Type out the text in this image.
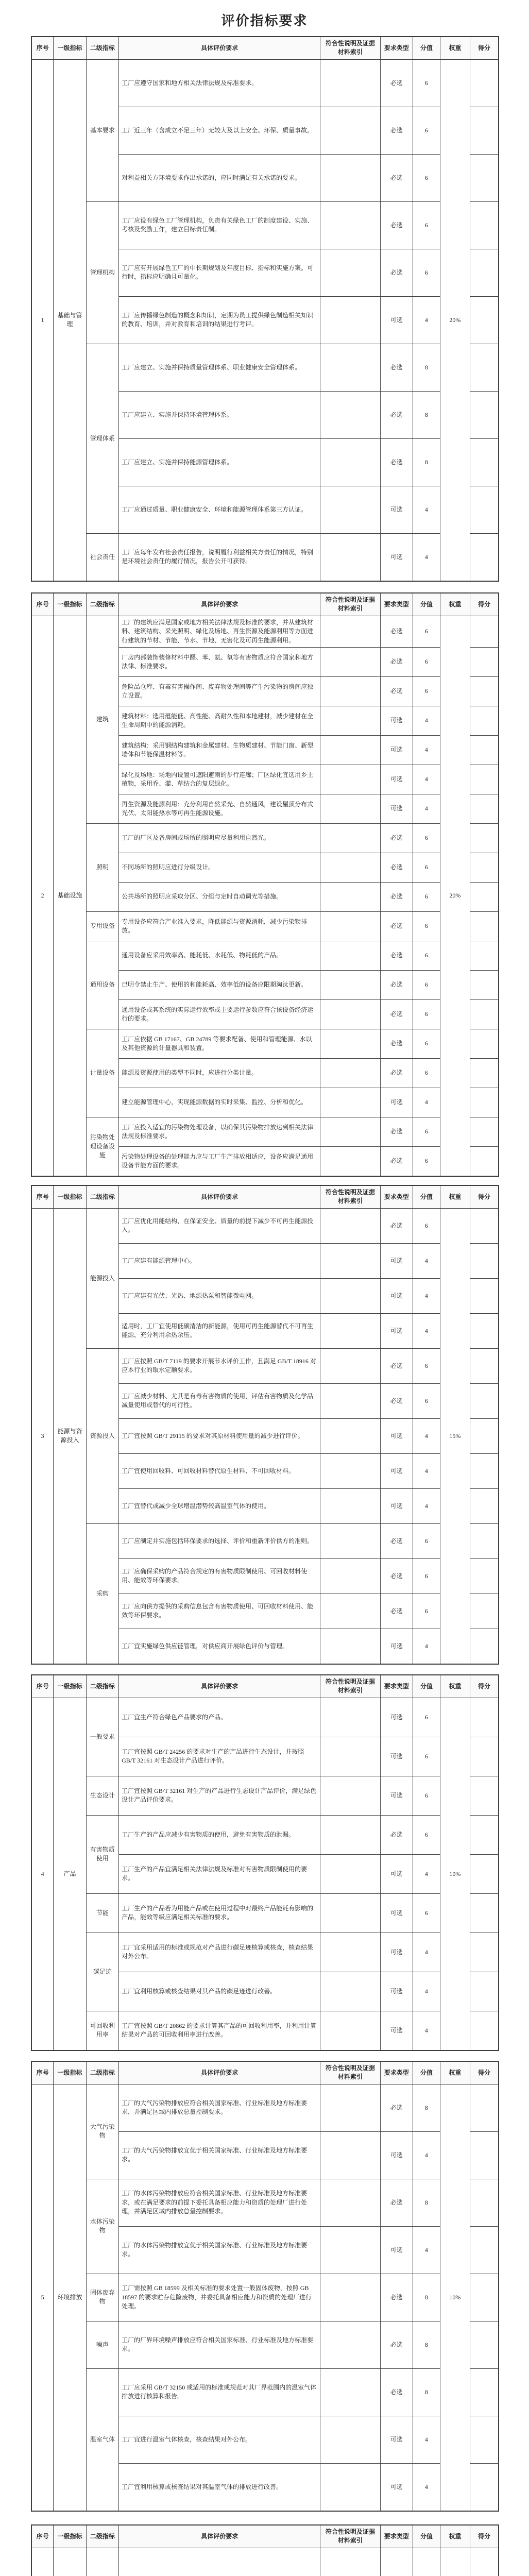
评价指标要求
序号	一级指标	二级指标	具体评价要求	符合性说明及证据材料索引	要求类型	分值	权重	得分
1	基础与管理	基本要求	工厂应遵守国家和地方相关法律法规及标准要求。		必选	6	20%	
			工厂近三年（含成立不足三年）无较大及以上安全、环保、质量事故。		必选	6		
			对利益相关方环境要求作出承诺的，应同时满足有关承诺的要求。		必选	6		
		管理机构	工厂应设有绿色工厂管理机构，负责有关绿色工厂的制度建设、实施、考核及奖励工作，建立目标责任制。		必选	6		
			工厂应有开展绿色工厂的中长期规划及年度目标、指标和实施方案。可行时，指标应明确且可量化。		必选	6		
			工厂应传播绿色制造的概念和知识，定期为员工提供绿色制造相关知识的教育、培训，并对教育和培训的结果进行考评。		可选	4		
		管理体系	工厂应建立、实施并保持质量管理体系、职业健康安全管理体系。		必选	8		
			工厂应建立、实施并保持环境管理体系。		必选	8		
			工厂应建立、实施并保持能源管理体系。		必选	8		
			工厂应通过质量、职业健康安全、环境和能源管理体系第三方认证。		可选	4		
		社会责任	工厂应每年发布社会责任报告，说明履行利益相关方责任的情况，特别是环境社会责任的履行情况，报告公开可获得。		可选	4		
序号	一级指标	二级指标	具体评价要求	符合性说明及证据材料索引	要求类型	分值	权重	得分
2	基础设施	建筑	工厂的建筑应满足国家或地方相关法律法规及标准的要求，并从建筑材料、建筑结构、采光照明、绿化及场地、再生资源及能源利用等方面进行建筑的节材、节能、节水、节地、无害化及可再生能源利用。		必选	6	20%	
			厂房内部装饰装修材料中醛、苯、氨、氡等有害物质应符合国家和地方法律、标准要求。		必选	6		
			危险品仓库、有毒有害操作间、废弃物处理间等产生污染物的房间应独立设置。		必选	6		
			建筑材料：选用蕴能低、高性能、高耐久性和本地建材，减少建材在全生命周期中的能源消耗。		可选	4		
			建筑结构：采用钢结构建筑和金属建材、生物质建材、节能门窗、新型墙体和节能保温材料等。		可选	4		
			绿化及场地：场地内设置可遮阳避雨的步行连廊；厂区绿化宜选用乡土植物，采用乔、灌、草结合的复层绿化。		可选	4		
			再生资源及能源利用：充分利用自然采光、自然通风，建设屋顶分布式光伏、太阳能热水等可再生能源设施。		可选	4		
		照明	工厂的厂区及各房间或场所的照明应尽量利用自然光。		必选	6		
			不同场所的照明应进行分级设计。		必选	6		
			公共场所的照明应采取分区、分组与定时自动调光等措施。		必选	6		
		专用设备	专用设备应符合产业准入要求，降低能源与资源消耗，减少污染物排放。		必选	6		
		通用设备	通用设备应采用效率高、能耗低、水耗低、物耗低的产品。		必选	6		
			已明令禁止生产、使用的和能耗高、效率低的设备应限期淘汰更新。		必选	6		
			通用设备或其系统的实际运行效率或主要运行参数应符合该设备经济运行的要求。		必选	6		
		计量设备	工厂应依据 GB 17167、GB 24789 等要求配备、使用和管理能源、水以及其他资源的计量器具和装置。		必选	6		
			能源及资源使用的类型不同时，应进行分类计量。		必选	6		
			建立能源管理中心，实现能源数据的实时采集、监控、分析和优化。		可选	4		
		污染物处理设备设施	工厂应投入适宜的污染物处理设备，以确保其污染物排放达到相关法律法规及标准要求。		必选	6		
			污染物处理设备的处理能力应与工厂生产排放相适应，设备应满足通用设备节能方面的要求。		必选	6		
序号	一级指标	二级指标	具体评价要求	符合性说明及证据材料索引	要求类型	分值	权重	得分
3	能源与资源投入	能源投入	工厂应优化用能结构，在保证安全、质量的前提下减少不可再生能源投入。		必选	6	15%	
			工厂应建有能源管理中心。		可选	4		
			工厂应建有光伏、光热、地源热泵和智能微电网。		可选	4		
			适用时，工厂宜使用低碳清洁的新能源，使用可再生能源替代不可再生能源，充分利用余热余压。		可选	4		
		资源投入	工厂应按照 GB/T 7119 的要求开展节水评价工作，且满足 GB/T 18916 对应本行业的取水定额要求。		必选	6		
			工厂应减少材料、尤其是有毒有害物质的使用，评估有害物质及化学品减量使用或替代的可行性。		必选	6		
			工厂宜按照 GB/T 29115 的要求对其原材料使用量的减少进行评价。		可选	4		
			工厂宜使用回收料、可回收材料替代原生材料、不可回收材料。		可选	4		
			工厂宜替代或减少全球增温潜势较高温室气体的使用。		可选	4		
		采购	工厂应制定并实施包括环保要求的选择、评价和重新评价供方的准则。		必选	6		
			工厂应确保采购的产品符合规定的有害物质限制使用、可回收材料使用、能效等环保要求。		必选	6		
			工厂应向供方提供的采购信息包含有害物质使用、可回收材料使用、能效等环保要求。		必选	6		
			工厂宜实施绿色供应链管理，对供应商开展绿色评价与管理。		可选	4		
序号	一级指标	二级指标	具体评价要求	符合性说明及证据材料索引	要求类型	分值	权重	得分
4	产品	一般要求	工厂宜生产符合绿色产品要求的产品。		可选	6	10%	
			工厂宜按照 GB/T 24256 的要求对生产的产品进行生态设计，并按照 GB/T 32161 对生态设计产品进行评价。		可选	6		
		生态设计	工厂宜按照 GB/T 32161 对生产的产品进行生态设计产品评价，满足绿色设计产品评价要求。		可选	6		
		有害物质使用	工厂生产的产品应减少有害物质的使用，避免有害物质的泄漏。		必选	6		
			工厂生产的产品宜满足相关法律法规及标准对有害物质限制使用的要求。		可选	4		
		节能	工厂生产的产品若为用能产品或在使用过程中对最终产品能耗有影响的产品，能效等级应满足相关标准的要求。		可选	6		
		碳足迹	工厂宜采用适用的标准或规范对产品进行碳足迹核算或核查，核查结果对外公布。		可选	4		
			工厂宜利用核算或核查结果对其产品的碳足迹进行改善。		可选	4		
		可回收利用率	工厂宜按照 GB/T 20862 的要求计算其产品的可回收利用率，并利用计算结果对产品的可回收利用率进行改善。		可选	4		
序号	一级指标	二级指标	具体评价要求	符合性说明及证据材料索引	要求类型	分值	权重	得分
5	环境排放	大气污染物	工厂的大气污染物排放应符合相关国家标准、行业标准及地方标准要求，并满足区域内排放总量控制要求。		必选	8	10%	
			工厂的大气污染物排放宜优于相关国家标准、行业标准及地方标准要求。		可选	4		
		水体污染物	工厂的水体污染物排放应符合相关国家标准、行业标准及地方标准要求，或在满足要求的前提下委托具备相应能力和资质的处理厂进行处理，并满足区域内排放总量控制要求。		必选	8		
			工厂的水体污染物排放宜优于相关国家标准、行业标准及地方标准要求。		可选	4		
		固体废弃物	工厂需按照 GB 18599 及相关标准的要求处置一般固体废物，按照 GB 18597 的要求贮存危险废物，并委托具备相应能力和资质的处理厂进行处理。		必选	8		
		噪声	工厂的厂界环境噪声排放应符合相关国家标准、行业标准及地方标准要求。		必选	8		
		温室气体	工厂应采用 GB/T 32150 或适用的标准或规范对其厂界范围内的温室气体排放进行核算和报告。		必选	8		
			工厂宜进行温室气体核查，核查结果对外公布。		可选	4		
			工厂宜利用核算或核查结果对其温室气体的排放进行改善。		可选	4		
序号	一级指标	二级指标	具体评价要求	符合性说明及证据材料索引	要求类型	分值	权重	得分
